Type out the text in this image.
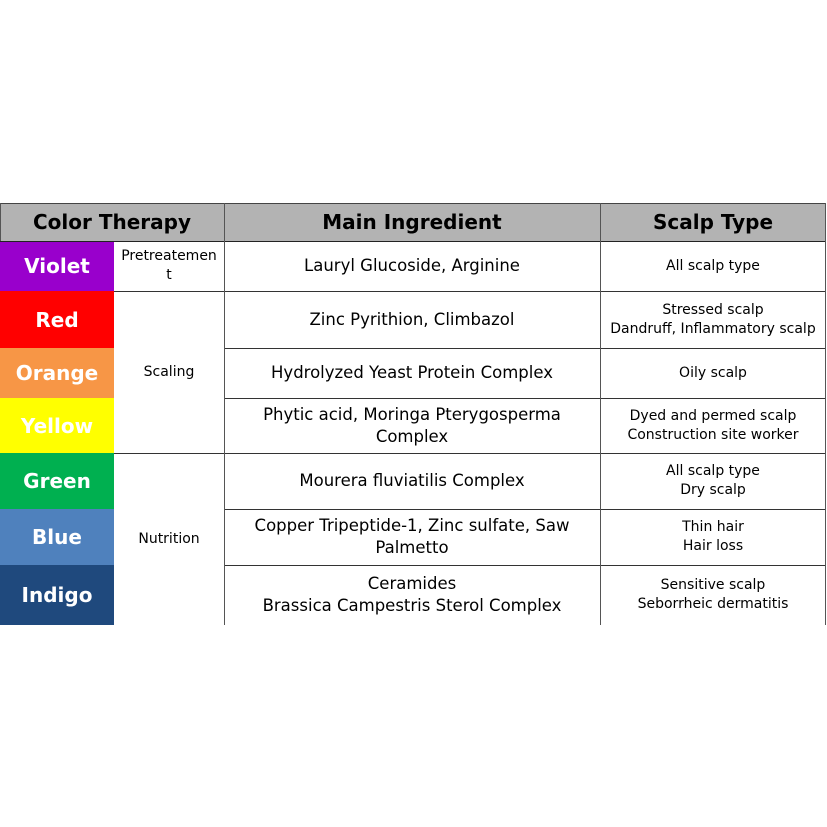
Color Therapy	Main Ingredient	Scalp Type
Violet
Red
Orange
Yellow
Green
Blue
Indigo
Pretreatemen
t
Scaling
Nutrition
Lauryl Glucoside, Arginine
Zinc Pyrithion, Climbazol
Hydrolyzed Yeast Protein Complex
Phytic acid, Moringa Pterygosperma
Complex
Mourera fluviatilis Complex
Copper Tripeptide-1, Zinc sulfate, Saw
Palmetto
Ceramides
Brassica Campestris Sterol Complex
All scalp type
Stressed scalp
Dandruff, Inflammatory scalp
Oily scalp
Dyed and permed scalp
Construction site worker
All scalp type
Dry scalp
Thin hair
Hair loss
Sensitive scalp
Seborrheic dermatitis
